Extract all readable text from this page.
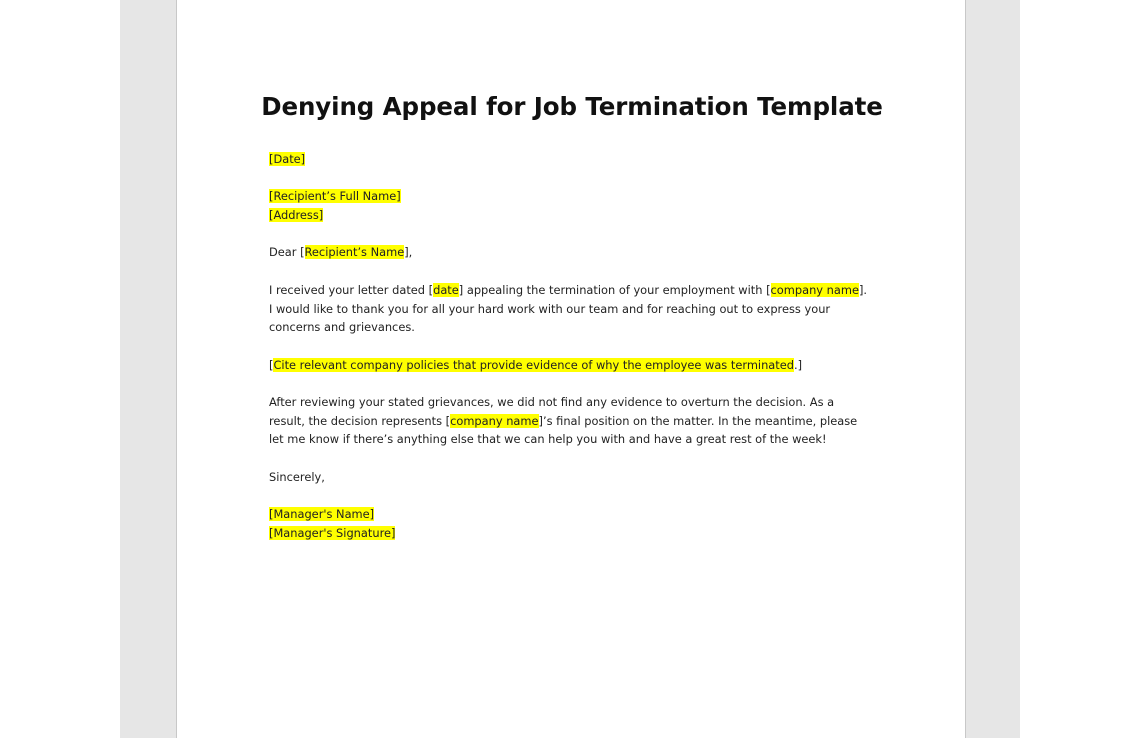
Denying Appeal for Job Termination Template
[Date]
[Recipient’s Full Name]
[Address]
Dear [Recipient’s Name],
I received your letter dated [date] appealing the termination of your employment with [company name].
I would like to thank you for all your hard work with our team and for reaching out to express your
concerns and grievances.
[Cite relevant company policies that provide evidence of why the employee was terminated.]
After reviewing your stated grievances, we did not find any evidence to overturn the decision. As a
result, the decision represents [company name]’s final position on the matter. In the meantime, please
let me know if there’s anything else that we can help you with and have a great rest of the week!
Sincerely,
[Manager's Name]
[Manager's Signature]
